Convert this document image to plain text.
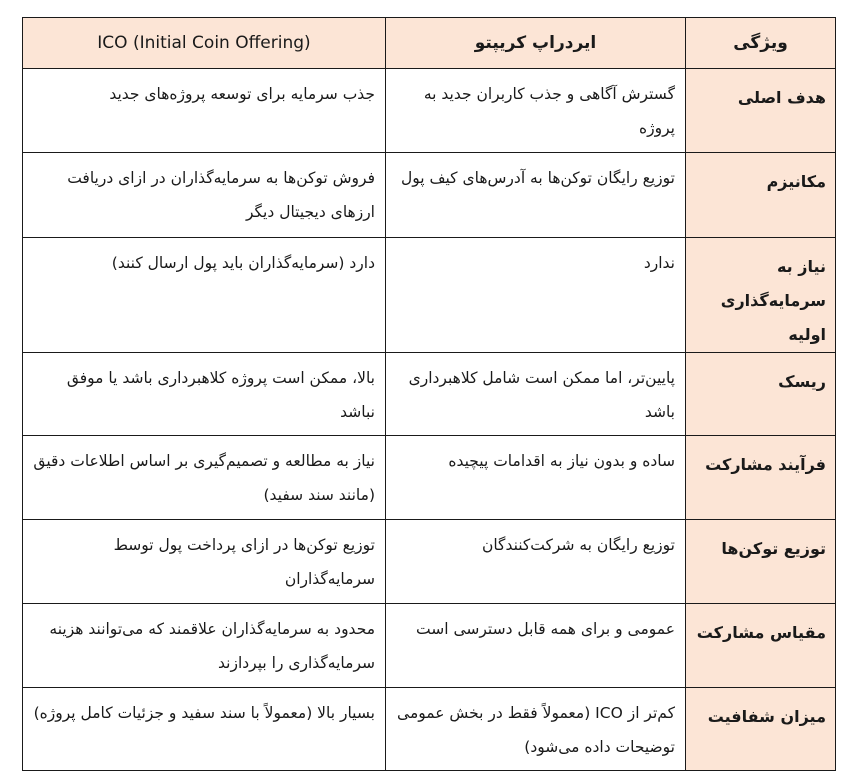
ویژگی	ایردراپ کریپتو	ICO (Initial Coin Offering)
هدف اصلی	گسترش آگاهی و جذب کاربران جدید به پروژه	جذب سرمایه برای توسعه پروژه‌های جدید
مکانیزم	توزیع رایگان توکن‌ها به آدرس‌های کیف پول	فروش توکن‌ها به سرمایه‌گذاران در ازای دریافت ارزهای دیجیتال دیگر
نیاز به سرمایه‌گذاری اولیه	ندارد	دارد (سرمایه‌گذاران باید پول ارسال کنند)
ریسک	پایین‌تر، اما ممکن است شامل کلاهبرداری باشد	بالا، ممکن است پروژه کلاهبرداری باشد یا موفق نباشد
فرآیند مشارکت	ساده و بدون نیاز به اقدامات پیچیده	نیاز به مطالعه و تصمیم‌گیری بر اساس اطلاعات دقیق (مانند سند سفید)
توزیع توکن‌ها	توزیع رایگان به شرکت‌کنندگان	توزیع توکن‌ها در ازای پرداخت پول توسط سرمایه‌گذاران
مقیاس مشارکت	عمومی و برای همه قابل دسترسی است	محدود به سرمایه‌گذاران علاقمند که می‌توانند هزینه سرمایه‌گذاری را بپردازند
میزان شفافیت	کم‌تر از ICO (معمولاً فقط در بخش عمومی توضیحات داده می‌شود)	بسیار بالا (معمولاً با سند سفید و جزئیات کامل پروژه)
